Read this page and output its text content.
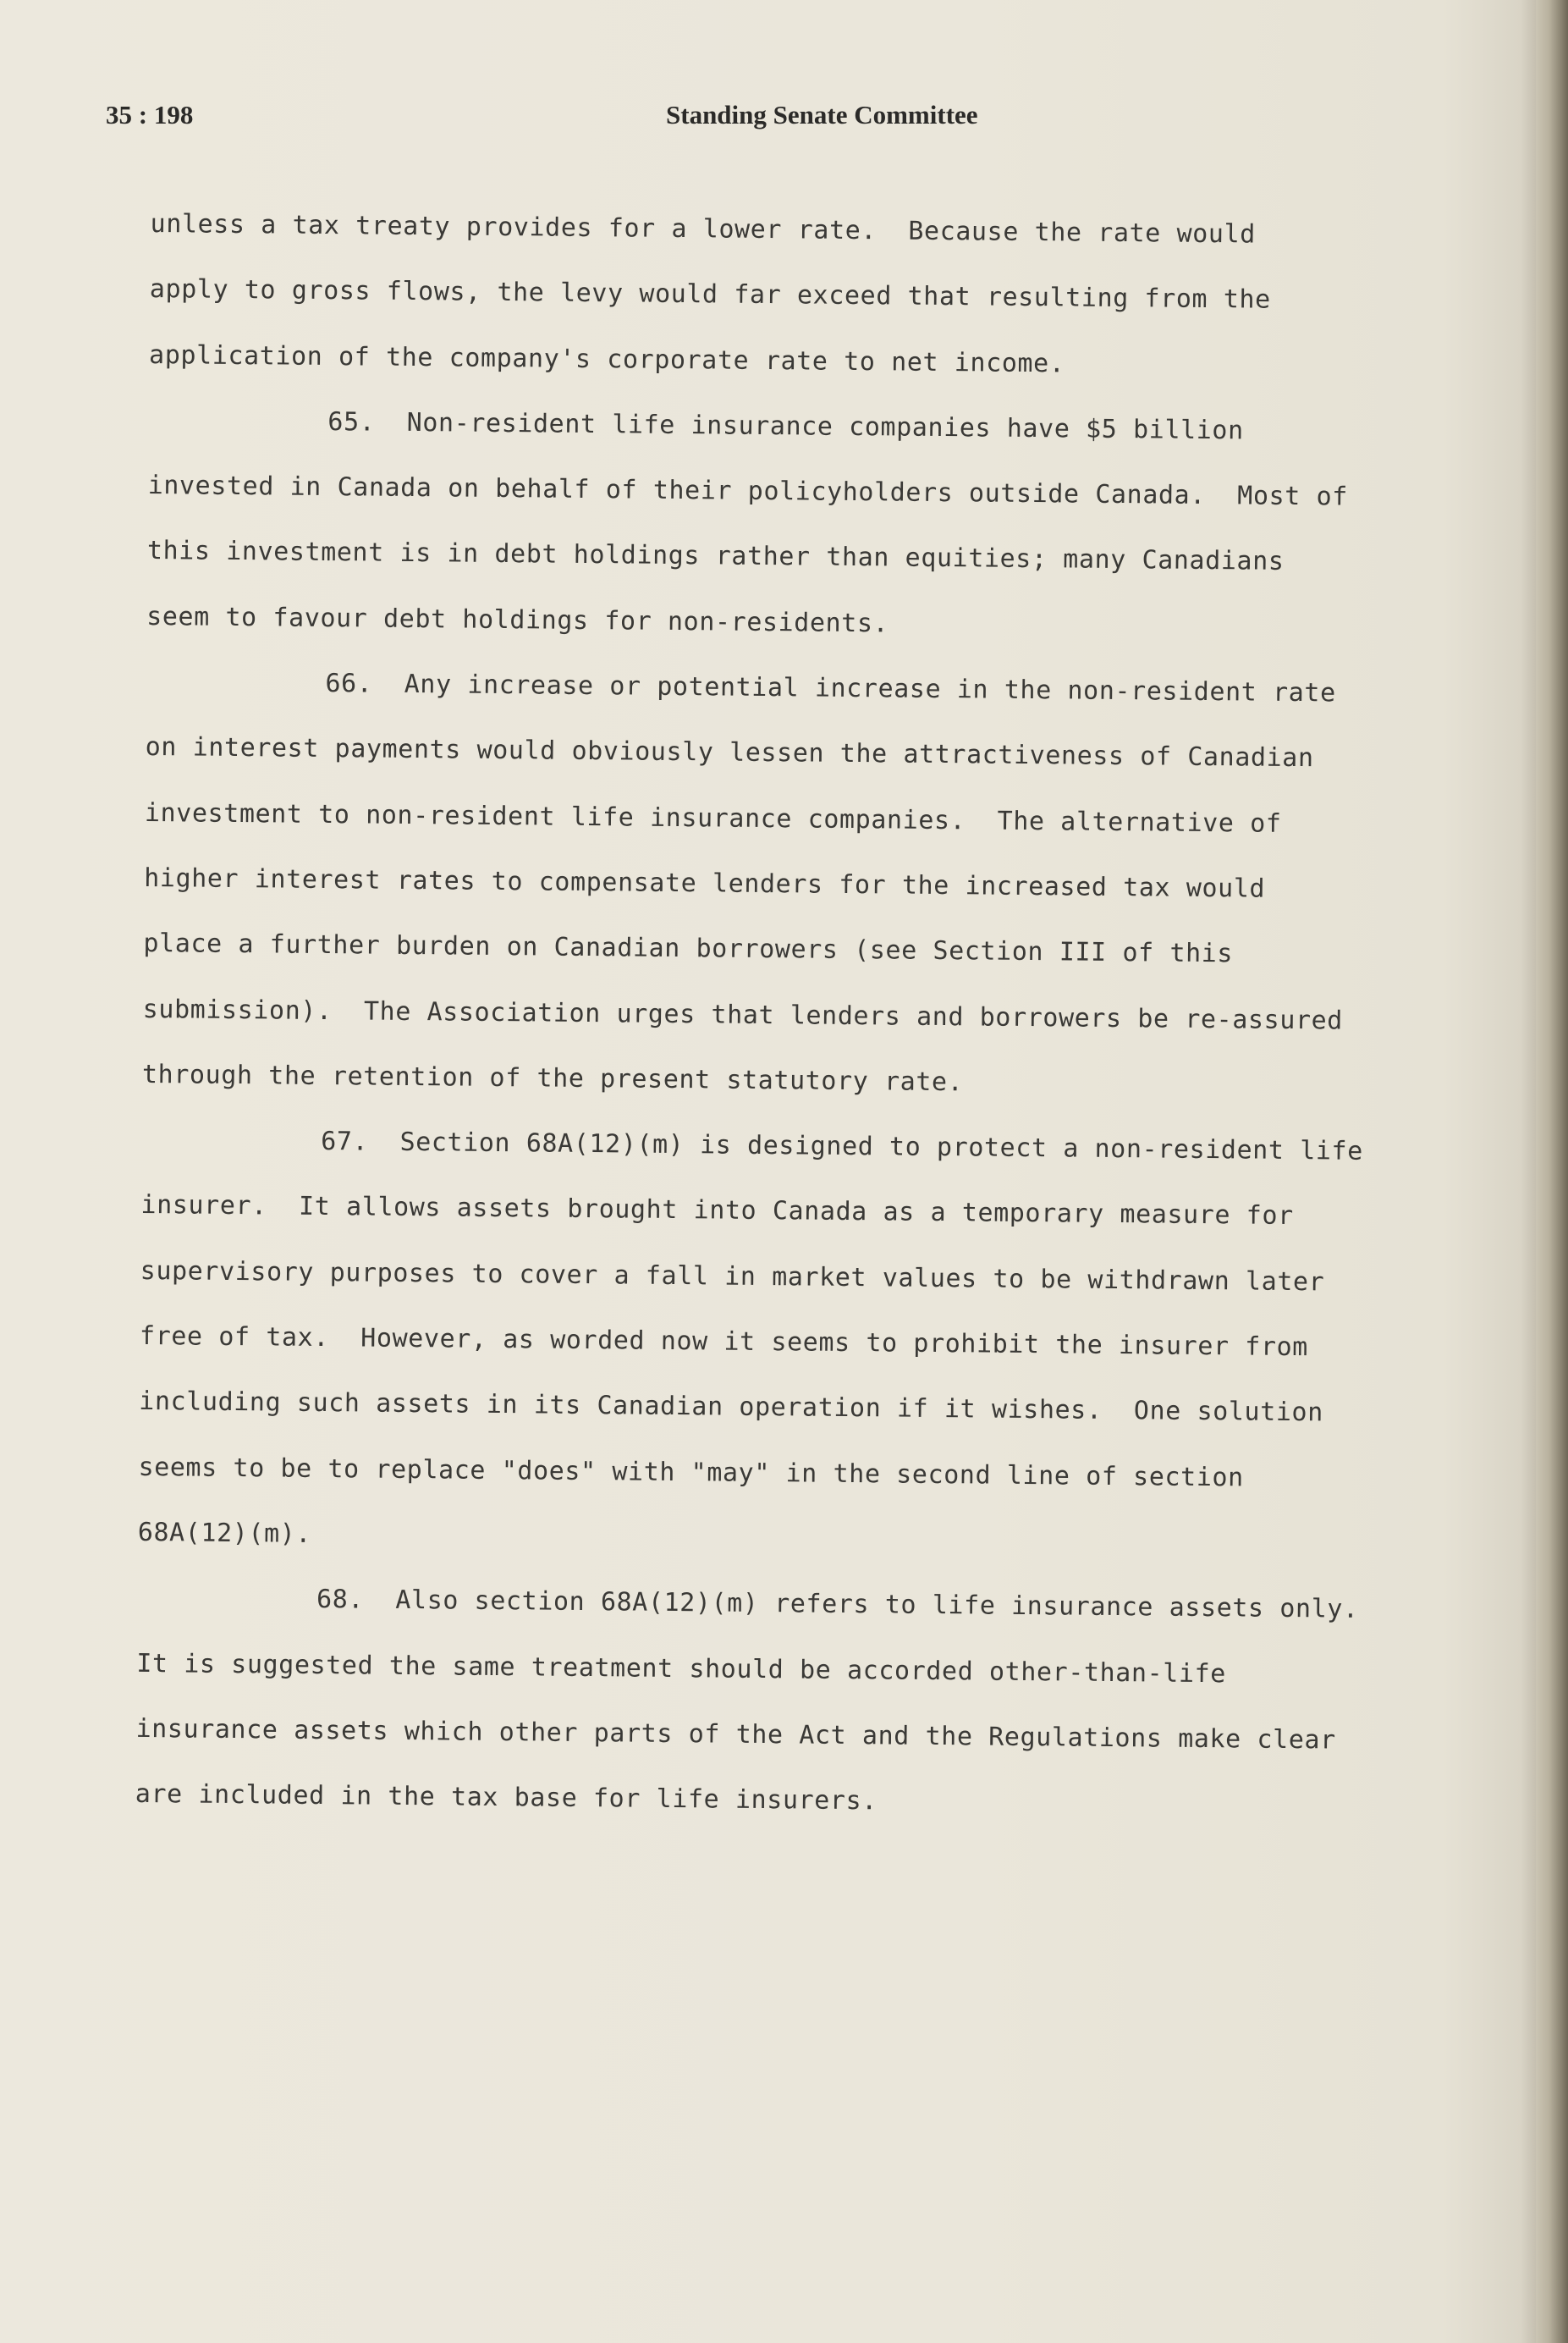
35 : 198	Standing Senate Committee
unless a tax treaty provides for a lower rate.  Because the rate would
apply to gross flows, the levy would far exceed that resulting from the
application of the company's corporate rate to net income.
65.  Non-resident life insurance companies have $5 billion
invested in Canada on behalf of their policyholders outside Canada.  Most of
this investment is in debt holdings rather than equities; many Canadians
seem to favour debt holdings for non-residents.
66.  Any increase or potential increase in the non-resident rate
on interest payments would obviously lessen the attractiveness of Canadian
investment to non-resident life insurance companies.  The alternative of
higher interest rates to compensate lenders for the increased tax would
place a further burden on Canadian borrowers (see Section III of this
submission).  The Association urges that lenders and borrowers be re-assured
through the retention of the present statutory rate.
67.  Section 68A(12)(m) is designed to protect a non-resident life
insurer.  It allows assets brought into Canada as a temporary measure for
supervisory purposes to cover a fall in market values to be withdrawn later
free of tax.  However, as worded now it seems to prohibit the insurer from
including such assets in its Canadian operation if it wishes.  One solution
seems to be to replace "does" with "may" in the second line of section
68A(12)(m).
68.  Also section 68A(12)(m) refers to life insurance assets only.
It is suggested the same treatment should be accorded other-than-life
insurance assets which other parts of the Act and the Regulations make clear
are included in the tax base for life insurers.
